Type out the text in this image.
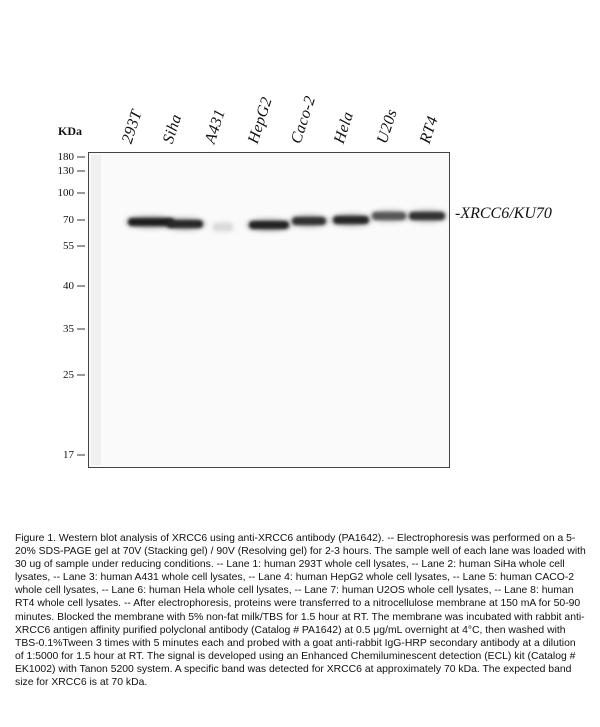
293T Siha A431 HepG2 Caco-2 Hela U20s RT4
KDa
180
130
100
70
55
40
35
25
17
-XRCC6/KU70
Figure 1. Western blot analysis of XRCC6 using anti-XRCC6 antibody (PA1642). -- Electrophoresis was performed on a 5-20% SDS-PAGE gel at 70V (Stacking gel) / 90V (Resolving gel) for 2-3 hours. The sample well of each lane was loaded with 30 ug of sample under reducing conditions. -- Lane 1: human 293T whole cell lysates, -- Lane 2: human SiHa whole cell lysates, -- Lane 3: human A431 whole cell lysates, -- Lane 4: human HepG2 whole cell lysates, -- Lane 5: human CACO-2 whole cell lysates, -- Lane 6: human Hela whole cell lysates, -- Lane 7: human U2OS whole cell lysates, -- Lane 8: human RT4 whole cell lysates. -- After electrophoresis, proteins were transferred to a nitrocellulose membrane at 150 mA for 50-90 minutes. Blocked the membrane with 5% non-fat milk/TBS for 1.5 hour at RT. The membrane was incubated with rabbit anti-XRCC6 antigen affinity purified polyclonal antibody (Catalog # PA1642) at 0.5 μg/mL overnight at 4°C, then washed with TBS-0.1%Tween 3 times with 5 minutes each and probed with a goat anti-rabbit IgG-HRP secondary antibody at a dilution of 1:5000 for 1.5 hour at RT. The signal is developed using an Enhanced Chemiluminescent detection (ECL) kit (Catalog # EK1002) with Tanon 5200 system. A specific band was detected for XRCC6 at approximately 70 kDa. The expected band size for XRCC6 is at 70 kDa.
